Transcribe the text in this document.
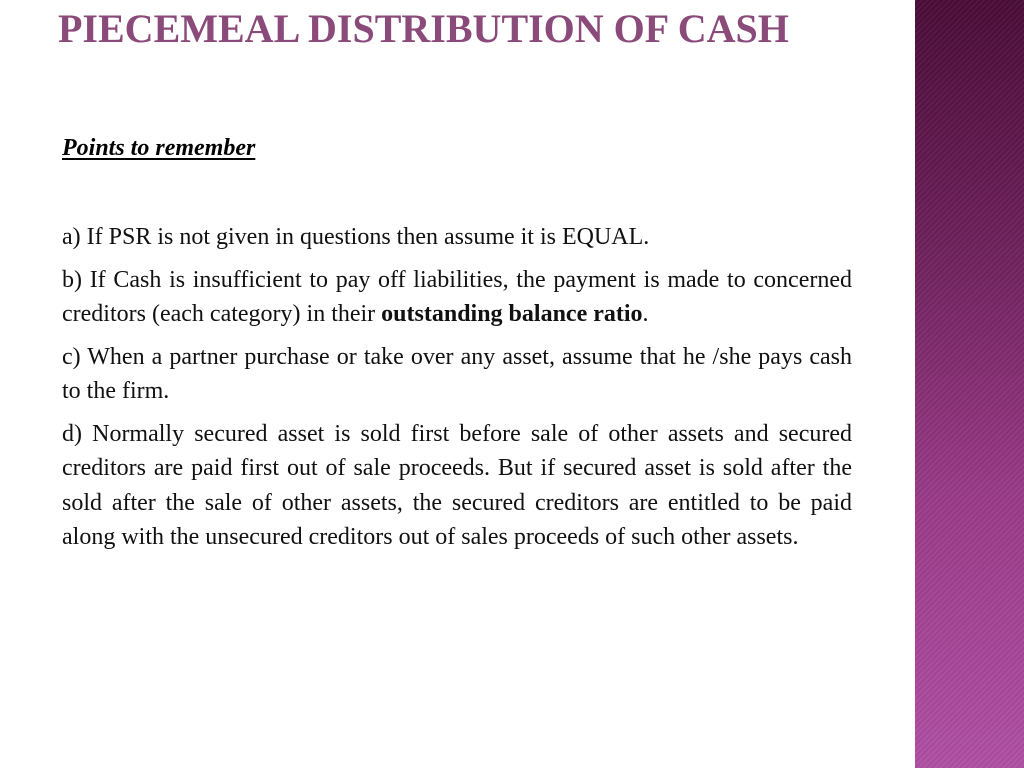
PIECEMEAL DISTRIBUTION OF CASH

Points to remember

a) If PSR is not given in questions then assume it is EQUAL.
b) If Cash is insufficient to pay off liabilities, the payment is made to concerned creditors (each category) in their outstanding balance ratio.
c) When a partner purchase or take over any asset, assume that he /she pays cash to the firm.
d) Normally secured asset is sold first before sale of other assets and secured creditors are paid first out of sale proceeds. But if secured asset is sold after the sold after the sale of other assets, the secured creditors are entitled to be paid along with the unsecured creditors out of sales proceeds of such other assets.
